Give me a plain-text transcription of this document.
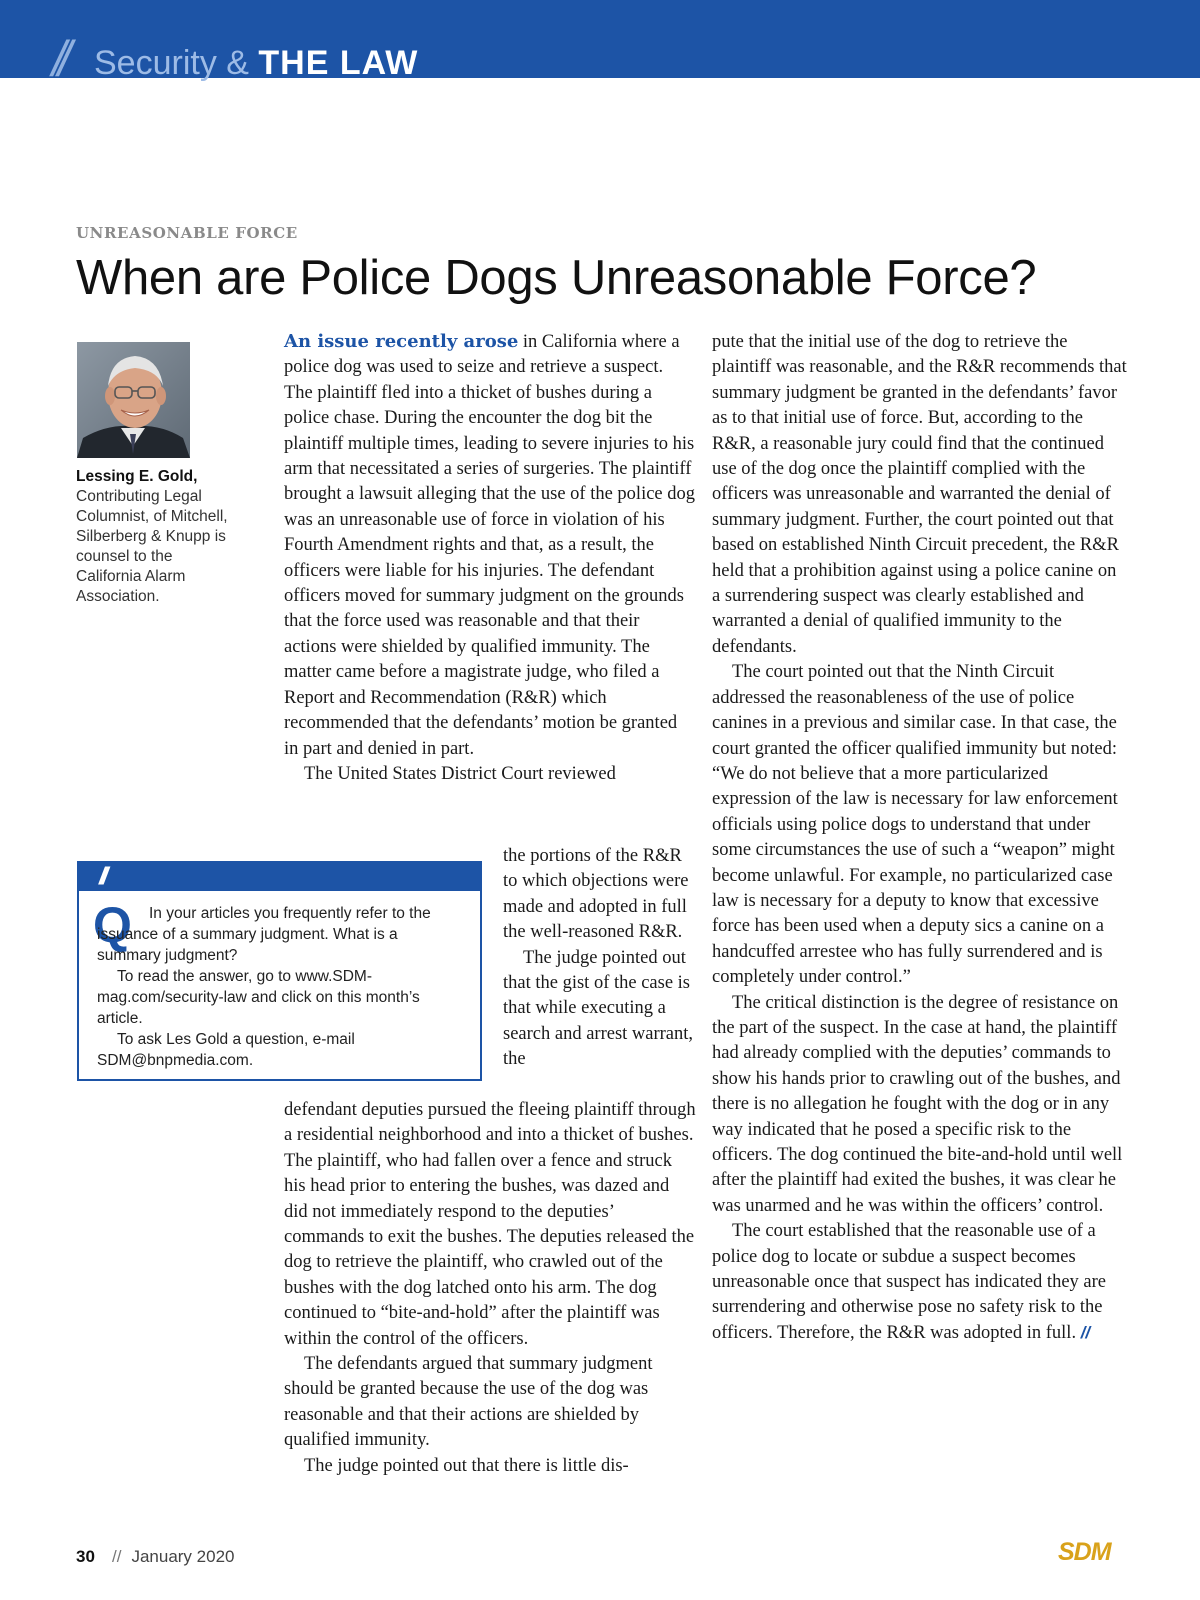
// Security & THE LAW
UNREASONABLE FORCE
When are Police Dogs Unreasonable Force?
Lessing E. Gold,
Contributing Legal Columnist, of Mitchell, Silberberg & Knupp is counsel to the California Alarm Association.
//
Q	In your articles you frequently refer to the issuance of a summary judgment. What is a summary judgment?

To read the answer, go to www.SDM-mag.com/security-law and click on this month’s article.

To ask Les Gold a question, e-mail SDM@bnpmedia.com.

An issue recently arose in California where a police dog was used to seize and retrieve a suspect. The plaintiff fled into a thicket of bushes during a police chase. During the encounter the dog bit the plaintiff multiple times, leading to severe injuries to his arm that necessitated a series of surgeries. The plaintiff brought a lawsuit alleging that the use of the police dog was an unreasonable use of force in violation of his Fourth Amendment rights and that, as a result, the officers were liable for his injuries. The defendant officers moved for summary judgment on the grounds that the force used was reasonable and that their actions were shielded by qualified immunity. The matter came before a magistrate judge, who filed a Report and Recommendation (R&R) which recommended that the defendants’ motion be granted in part and denied in part.

The United States District Court reviewed

the portions of the R&R to which objections were made and adopted in full the well-reasoned R&R.

The judge pointed out that the gist of the case is that while executing a search and arrest warrant, the

defendant deputies pursued the fleeing plaintiff through a residential neighborhood and into a thicket of bushes. The plaintiff, who had fallen over a fence and struck his head prior to entering the bushes, was dazed and did not immediately respond to the deputies’ commands to exit the bushes. The deputies released the dog to retrieve the plaintiff, who crawled out of the bushes with the dog latched onto his arm. The dog continued to “bite-and-hold” after the plaintiff was within the control of the officers.

The defendants argued that summary judgment should be granted because the use of the dog was reasonable and that their actions are shielded by qualified immunity.

The judge pointed out that there is little dis-

pute that the initial use of the dog to retrieve the plaintiff was reasonable, and the R&R recommends that summary judgment be granted in the defendants’ favor as to that initial use of force. But, according to the R&R, a reasonable jury could find that the continued use of the dog once the plaintiff complied with the officers was unreasonable and warranted the denial of summary judgment. Further, the court pointed out that based on established Ninth Circuit precedent, the R&R held that a prohibition against using a police canine on a surrendering suspect was clearly established and warranted a denial of qualified immunity to the defendants.

The court pointed out that the Ninth Circuit addressed the reasonableness of the use of police canines in a previous and similar case. In that case, the court granted the officer qualified immunity but noted: “We do not believe that a more particularized expression of the law is necessary for law enforcement officials using police dogs to understand that under some circumstances the use of such a “weapon” might become unlawful. For example, no particularized case law is necessary for a deputy to know that excessive force has been used when a deputy sics a canine on a handcuffed arrestee who has fully surrendered and is completely under control.”

The critical distinction is the degree of resistance on the part of the suspect. In the case at hand, the plaintiff had already complied with the deputies’ commands to show his hands prior to crawling out of the bushes, and there is no allegation he fought with the dog or in any way indicated that he posed a specific risk to the officers. The dog continued the bite-and-hold until well after the plaintiff had exited the bushes, it was clear he was unarmed and he was within the officers’ control.

The court established that the reasonable use of a police dog to locate or subdue a suspect becomes unreasonable once that suspect has indicated they are surrendering and otherwise pose no safety risk to the officers. Therefore, the R&R was adopted in full. //

30 // January 2020	SDM
